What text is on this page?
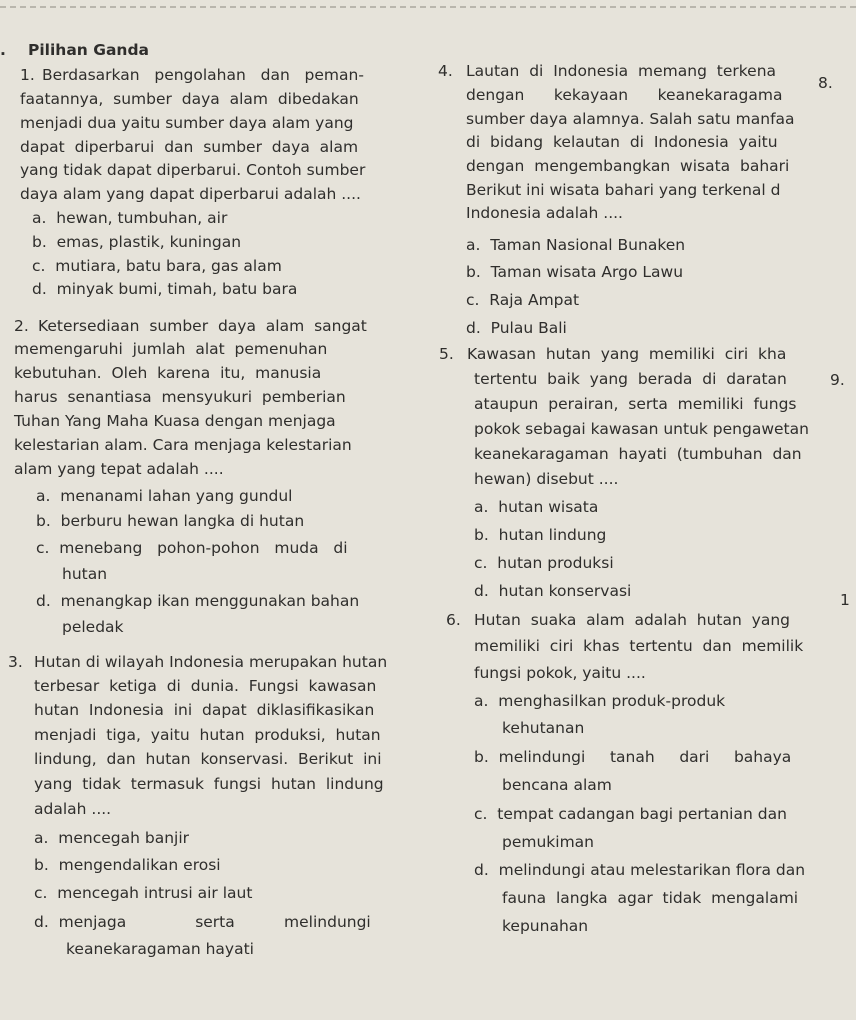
. Pilihan Ganda
8.
9.
1
1. Berdasarkan   pengolahan   dan   peman-
faatannya,  sumber  daya  alam  dibedakan
menjadi dua yaitu sumber daya alam yang
dapat  diperbarui  dan  sumber  daya  alam
yang tidak dapat diperbarui. Contoh sumber
daya alam yang dapat diperbarui adalah ....
a.  hewan, tumbuhan, air
b.  emas, plastik, kuningan
c.  mutiara, batu bara, gas alam
d.  minyak bumi, timah, batu bara
2. Ketersediaan  sumber  daya  alam  sangat
memengaruhi  jumlah  alat  pemenuhan
kebutuhan.  Oleh  karena  itu,  manusia
harus  senantiasa  mensyukuri  pemberian
Tuhan Yang Maha Kuasa dengan menjaga
kelestarian alam. Cara menjaga kelestarian
alam yang tepat adalah ....
a.  menanami lahan yang gundul
b.  berburu hewan langka di hutan
c.  menebang   pohon-pohon   muda   di
hutan
d.  menangkap ikan menggunakan bahan
peledak
3. Hutan di wilayah Indonesia merupakan hutan
terbesar  ketiga  di  dunia.  Fungsi  kawasan
hutan  Indonesia  ini  dapat  diklasifikasikan
menjadi  tiga,  yaitu  hutan  produksi,  hutan
lindung,  dan  hutan  konservasi.  Berikut  ini
yang  tidak  termasuk  fungsi  hutan  lindung
adalah ....
a.  mencegah banjir
b.  mengendalikan erosi
c.  mencegah intrusi air laut
d.  menjaga              serta          melindungi
keanekaragaman hayati
4. Lautan  di  Indonesia  memang  terkena
dengan      kekayaan      keanekaragama
sumber daya alamnya. Salah satu manfaa
di  bidang  kelautan  di  Indonesia  yaitu
dengan  mengembangkan  wisata  bahari
Berikut ini wisata bahari yang terkenal d
Indonesia adalah ....
a.  Taman Nasional Bunaken
b.  Taman wisata Argo Lawu
c.  Raja Ampat
d.  Pulau Bali
5. Kawasan  hutan  yang  memiliki  ciri  kha
tertentu  baik  yang  berada  di  daratan
ataupun  perairan,  serta  memiliki  fungs
pokok sebagai kawasan untuk pengawetan
keanekaragaman  hayati  (tumbuhan  dan
hewan) disebut ....
a.  hutan wisata
b.  hutan lindung
c.  hutan produksi
d.  hutan konservasi
6. Hutan  suaka  alam  adalah  hutan  yang
memiliki  ciri  khas  tertentu  dan  memilik
fungsi pokok, yaitu ....
a.  menghasilkan produk-produk
kehutanan
b.  melindungi     tanah     dari     bahaya
bencana alam
c.  tempat cadangan bagi pertanian dan
pemukiman
d.  melindungi atau melestarikan flora dan
fauna  langka  agar  tidak  mengalami
kepunahan
